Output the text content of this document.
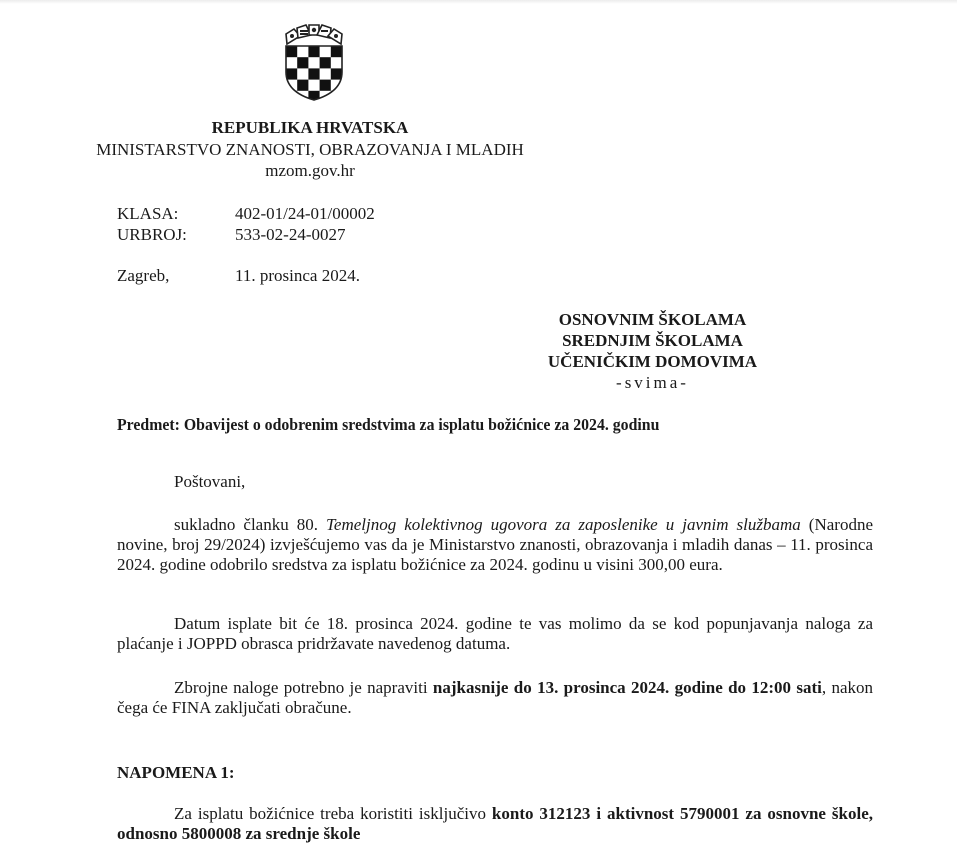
REPUBLIKA HRVATSKA
MINISTARSTVO ZNANOSTI, OBRAZOVANJA I MLADIH
mzom.gov.hr
KLASA:	402-01/24-01/00002
URBROJ:	533-02-24-0027
Zagreb,	11. prosinca 2024.
OSNOVNIM ŠKOLAMA
SREDNJIM ŠKOLAMA
UČENIČKIM DOMOVIMA
-svima-
Predmet: Obavijest o odobrenim sredstvima za isplatu božićnice za 2024. godinu
Poštovani,
sukladno članku 80. Temeljnog kolektivnog ugovora za zaposlenike u javnim službama (Narodne novine, broj 29/2024) izvješćujemo vas da je Ministarstvo znanosti, obrazovanja i mladih danas – 11. prosinca 2024. godine odobrilo sredstva za isplatu božićnice za 2024. godinu u visini 300,00 eura.
Datum isplate bit će 18. prosinca 2024. godine te vas molimo da se kod popunjavanja naloga za plaćanje i JOPPD obrasca pridržavate navedenog datuma.
Zbrojne naloge potrebno je napraviti najkasnije do 13. prosinca 2024. godine do 12:00 sati, nakon čega će FINA zaključati obračune.
NAPOMENA 1:
Za isplatu božićnice treba koristiti isključivo konto 312123 i aktivnost 5790001 za osnovne škole, odnosno 5800008 za srednje škole
